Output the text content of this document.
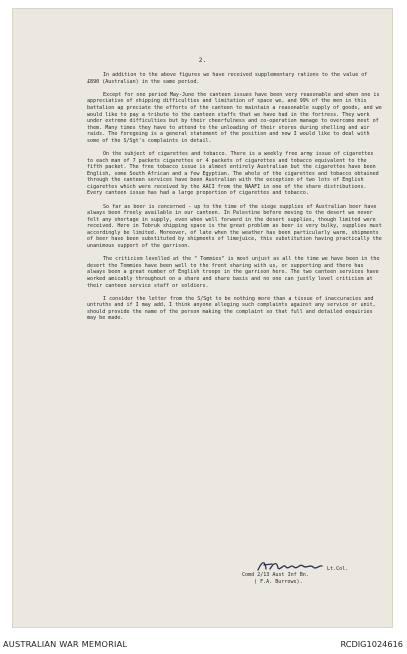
2.

In addition to the above figures we have received supplementary rations to the value of £890 (Australian) in the same period.

Except for one period May-June the canteen issues have been very reasonable and when one is appreciative of shipping difficulties and limitation of space we, and 99% of the men in this battalion ap preciate the efforts of the canteen to maintain a reasonable supply of goods, and we would like to pay a tribute to the canteen staffs that we have had in the fortress. They work under extreme difficulties but by their cheerfulness and co-operation manage to overcome most of them. Many times they have to attend to the unloading of their stores during shelling and air raids. The foregoing is a general statement of the position and now I would like to deal with some of the S/Sgt's complaints in detail.

On the subject of cigarettes and tobacco. There is a weekly free army issue of cigarettes to each man of 7 packets cigarettes or 4 packets of cigarettes and tobacco equivalent to the fifth packet. The free tobacco issue is almost entirely Australian but the cigarettes have been English, some South African and a few Egyptian. The whole of the cigarettes and tobacco obtained through the canteen services have been Australian with the exception of two lots of English cigarettes which were received by the AACI from the NAAFI in one of the share distributions. Every canteen issue has had a large proportion of cigarettes and tobacco.

So far as beer is concerned - up to the time of the siege supplies of Australian beer have always been freely available in our canteen. In Palestine before moving to the desert we never felt any shortage in supply, even when well forward in the desert supplies, though limited were received. Here in Tobruk shipping space is the great problem as beer is very bulky, supplies must accordingly be limited. Moreover, of late when the weather has been particularly warm, shipments of beer have been substituted by shipments of limejuice, this substitution having practically the unanimous support of the garrison.

The criticism levelled at the " Tommies" is most unjust as all the time we have been in the desert the Tommies have been well to the front sharing with us, or supporting and there has always been a great number of English troops in the garrison here. The two canteen services have worked amicably throughout on a share and share basis and no one can justly level criticism at their canteen service staff or soldiers.

I consider the letter from the S/Sgt to be nothing more than a tissue of inaccuracies and untruths and if I may add, I think anyone alleging such complaints against any service or unit, should provide the name of the person making the complaint so that full and detailed enquiries may be made.

Lt.Col.
Comd 2/13 Aust Inf Bn.
( F.A. Burrows).
AUSTRALIAN WAR MEMORIAL	RCDIG1024616
